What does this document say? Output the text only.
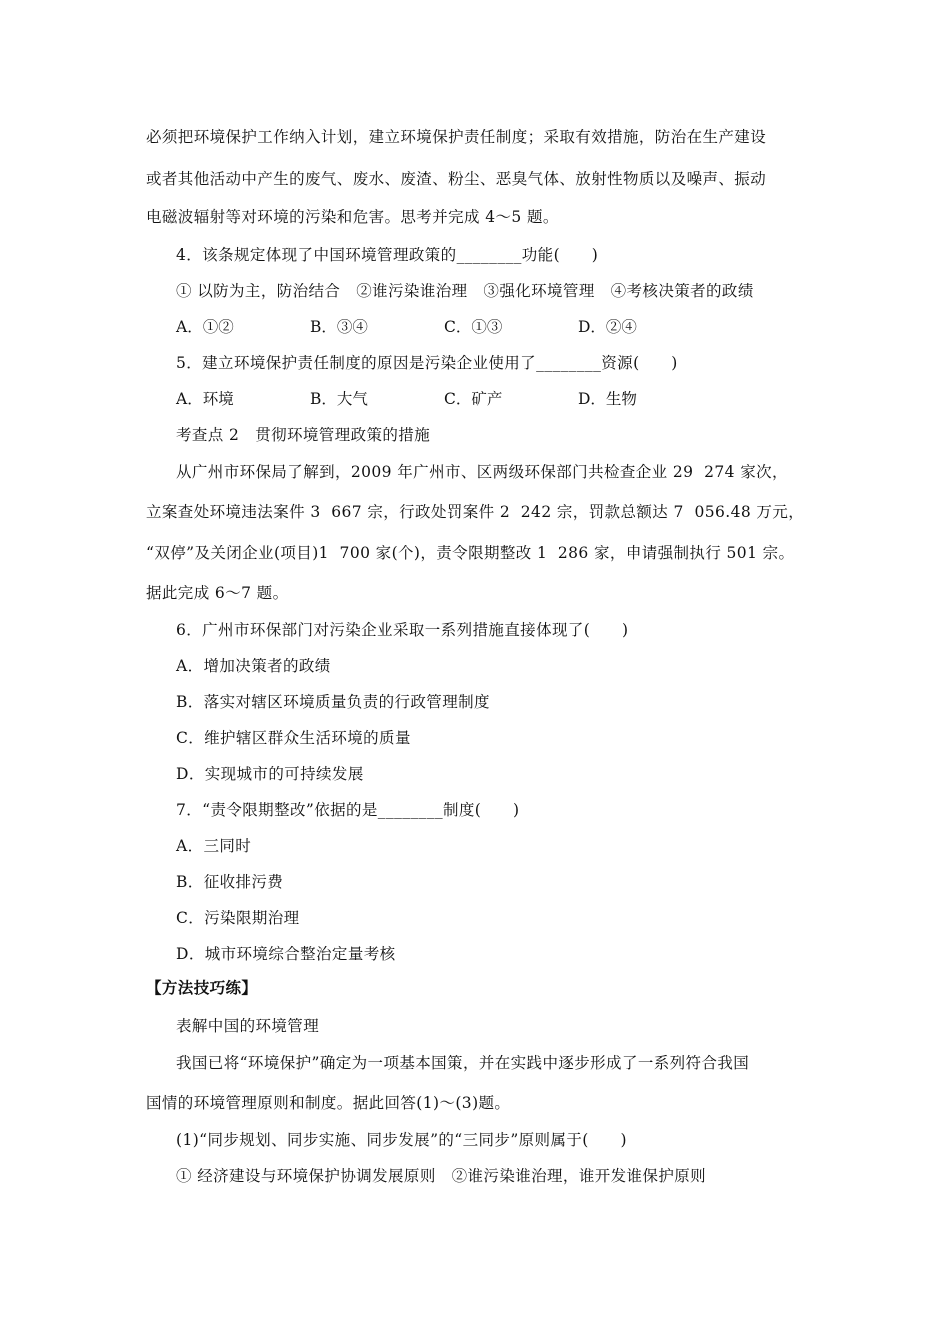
必须把环境保护工作纳入计划，建立环境保护责任制度；采取有效措施，防治在生产建设
或者其他活动中产生的废气、废水、废渣、粉尘、恶臭气体、放射性物质以及噪声、振动
电磁波辐射等对环境的污染和危害。思考并完成 4～5 题。
4．该条规定体现了中国环境管理政策的________功能(　　)
① 以防为主，防治结合　②谁污染谁治理　③强化环境管理　④考核决策者的政绩

A．①②

	B．③④

	C．①③

	D．②④

5．建立环境保护责任制度的原因是污染企业使用了________资源(　　)

A．环境

	B．大气

	C．矿产

	D．生物

考查点 2　贯彻环境管理政策的措施
从广州市环保局了解到，2009 年广州市、区两级环保部门共检查企业 29  274 家次，
立案查处环境违法案件 3  667 宗，行政处罚案件 2  242 宗，罚款总额达 7  056.48 万元，
“双停”及关闭企业(项目)1  700 家(个)，责令限期整改 1  286 家，申请强制执行 501 宗。
据此完成 6～7 题。
6．广州市环保部门对污染企业采取一系列措施直接体现了(　　)
A．增加决策者的政绩
B．落实对辖区环境质量负责的行政管理制度
C．维护辖区群众生活环境的质量
D．实现城市的可持续发展
7．“责令限期整改”依据的是________制度(　　)
A．三同时
B．征收排污费
C．污染限期治理
D．城市环境综合整治定量考核
【方法技巧练】
表解中国的环境管理
我国已将“环境保护”确定为一项基本国策，并在实践中逐步形成了一系列符合我国
国情的环境管理原则和制度。据此回答(1)～(3)题。
(1)“同步规划、同步实施、同步发展”的“三同步”原则属于(　　)
① 经济建设与环境保护协调发展原则　②谁污染谁治理，谁开发谁保护原则
